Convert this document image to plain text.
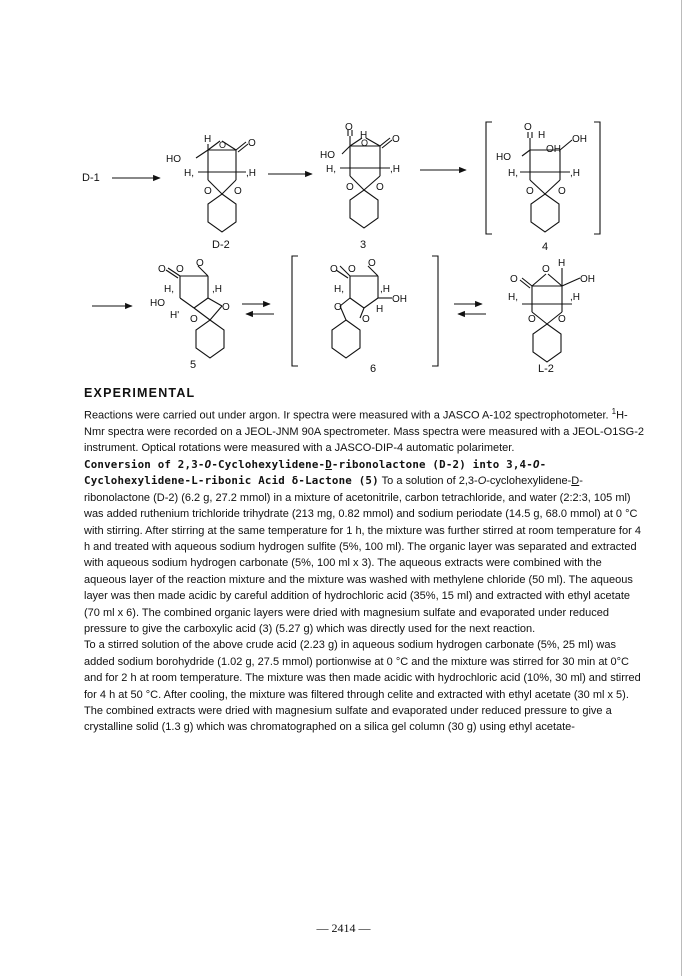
D-1
H
HO
O O
H,	,H
O O
D-2
O
H
HO
O O
H,	,H
O O
3
O
H
HO
OH
OH
H,	,H
O O
4
O O
O
H,	,H
HO
H'
O
O
5
O O
O
H,	,H
O
OH
H
O
6
H
O
O
OH
H,	,H
O O
L-2
EXPERIMENTAL

Reactions were carried out under argon. Ir spectra were measured with a JASCO A-102 spectrophotometer. $^1$H-Nmr spectra were recorded on a JEOL-JNM 90A spectrometer. Mass spectra were measured with a JEOL-O1SG-2 instrument. Optical rotations were measured with a JASCO-DIP-4 automatic polarimeter.

Conversion of 2,3-O-Cyclohexylidene-D-ribonolactone (D-2) into 3,4-O-Cyclohexylidene-L-ribonic Acid δ-Lactone (5) To a solution of 2,3-O-cyclohexylidene-D-ribonolactone (D-2) (6.2 g, 27.2 mmol) in a mixture of acetonitrile, carbon tetrachloride, and water (2:2:3, 105 ml) was added ruthenium trichloride trihydrate (213 mg, 0.82 mmol) and sodium periodate (14.5 g, 68.0 mmol) at 0 °C with stirring. After stirring at the same temperature for 1 h, the mixture was further stirred at room temperature for 4 h and treated with aqueous sodium hydrogen sulfite (5%, 100 ml). The organic layer was separated and extracted with aqueous sodium hydrogen carbonate (5%, 100 ml x 3). The aqueous extracts were combined with the aqueous layer of the reaction mixture and the mixture was washed with methylene chloride (50 ml). The aqueous layer was then made acidic by careful addition of hydrochloric acid (35%, 15 ml) and extracted with ethyl acetate (70 ml x 6). The combined organic layers were dried with magnesium sulfate and evaporated under reduced pressure to give the carboxylic acid (3) (5.27 g) which was directly used for the next reaction.

To a stirred solution of the above crude acid (2.23 g) in aqueous sodium hydrogen carbonate (5%, 25 ml) was added sodium borohydride (1.02 g, 27.5 mmol) portionwise at 0 °C and the mixture was stirred for 30 min at 0°C and for 2 h at room temperature. The mixture was then made acidic with hydrochloric acid (10%, 30 ml) and stirred for 4 h at 50 °C. After cooling, the mixture was filtered through celite and extracted with ethyl acetate (30 ml x 5). The combined extracts were dried with magnesium sulfate and evaporated under reduced pressure to give a crystalline solid (1.3 g) which was chromatographed on a silica gel column (30 g) using ethyl acetate-

— 2414 —
